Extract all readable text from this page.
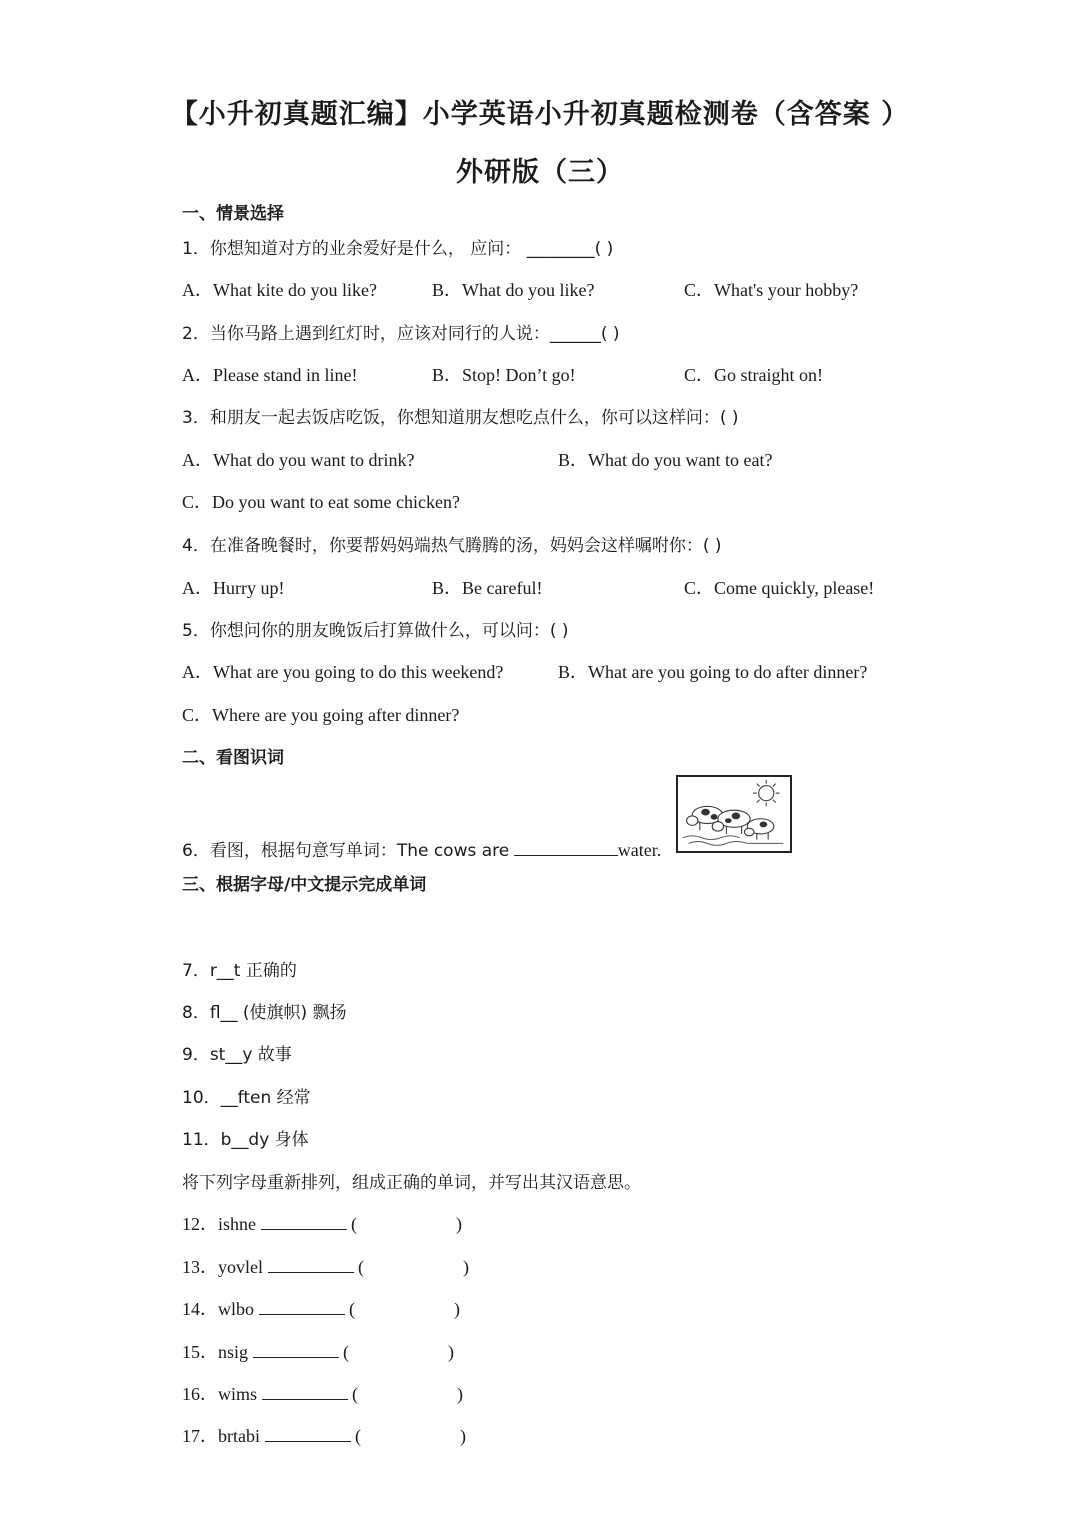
【小升初真题汇编】小学英语小升初真题检测卷（含答案 ）
外研版（三）
一、情景选择
1．你想知道对方的业余爱好是什么， 应问： ________( )
A．What kite do you like?	B．What do you like?	C．What's your hobby?
2．当你马路上遇到红灯时，应该对同行的人说：______( )
A．Please stand in line!	B．Stop! Don’t go!	C．Go straight on!
3．和朋友一起去饭店吃饭，你想知道朋友想吃点什么，你可以这样问：( )
A．What do you want to drink?	B．What do you want to eat?
C．Do you want to eat some chicken?
4．在准备晚餐时，你要帮妈妈端热气腾腾的汤，妈妈会这样嘱咐你：( )
A．Hurry up!	B．Be careful!	C．Come quickly, please!
5．你想问你的朋友晚饭后打算做什么，可以问：( )
A．What are you going to do this weekend?	B．What are you going to do after dinner?
C．Where are you going after dinner?
二、看图识词
6．看图，根据句意写单词：The cows are	water.
三、根据字母/中文提示完成单词
7．r__t 正确的
8．fl__ (使旗帜) 飘扬
9．st__y 故事
10．__ften 经常
11．b__dy 身体
将下列字母重新排列，组成正确的单词，并写出其汉语意思。
12．ishne	(                      )
13．yovlel	(                      )
14．wlbo	(                      )
15．nsig	(                      )
16．wims	(                      )
17．brtabi	(                      )
